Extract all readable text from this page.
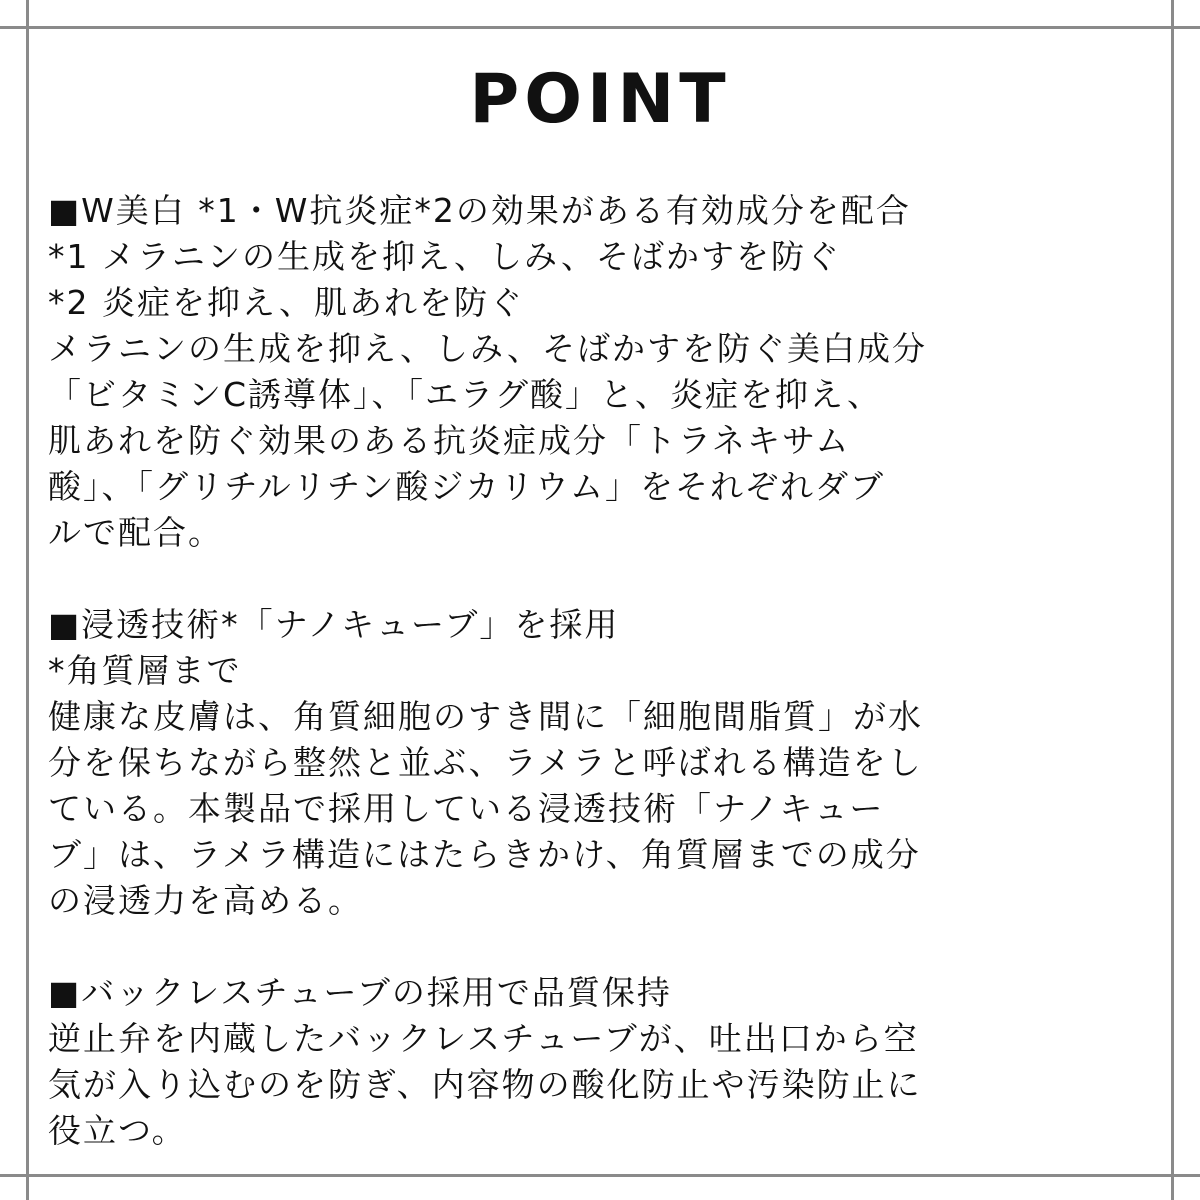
POINT

■W美白 *1・W抗炎症*2の効果がある有効成分を配合

*1 メラニンの生成を抑え、しみ、そばかすを防ぐ

*2 炎症を抑え、肌あれを防ぐ

メラニンの生成を抑え、しみ、そばかすを防ぐ美白成分

「ビタミンC誘導体」、「エラグ酸」と、炎症を抑え、

肌あれを防ぐ効果のある抗炎症成分「トラネキサム

酸」、「グリチルリチン酸ジカリウム」をそれぞれダブ

ルで配合。

■浸透技術*「ナノキューブ」を採用

*角質層まで

健康な皮膚は、角質細胞のすき間に「細胞間脂質」が水

分を保ちながら整然と並ぶ、ラメラと呼ばれる構造をし

ている。本製品で採用している浸透技術「ナノキュー

ブ」は、ラメラ構造にはたらきかけ、角質層までの成分

の浸透力を高める。

■バックレスチューブの採用で品質保持

逆止弁を内蔵したバックレスチューブが、吐出口から空

気が入り込むのを防ぎ、内容物の酸化防止や汚染防止に

役立つ。
